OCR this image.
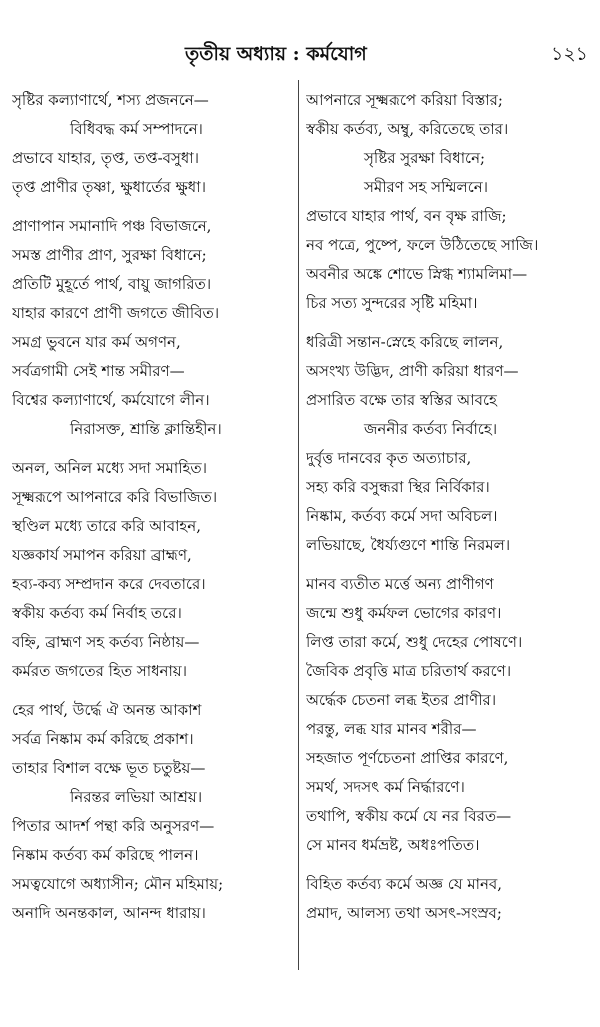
তৃতীয় অধ্যায় : কর্মযোগ	১২১
সৃষ্টির কল্যাণার্থে, শস্য প্রজননে—
বিধিবদ্ধ কর্ম সম্পাদনে।
প্রভাবে যাহার, তৃপ্ত, তপ্ত-বসুধা।
তৃপ্ত প্রাণীর তৃষ্ণা, ক্ষুধার্তের ক্ষুধা।
প্রাণাপান সমানাদি পঞ্চ বিভাজনে,
সমস্ত প্রাণীর প্রাণ, সুরক্ষা বিধানে;
প্রতিটি মুহূর্তে পার্থ, বায়ু জাগরিত।
যাহার কারণে প্রাণী জগতে জীবিত।
সমগ্র ভুবনে যার কর্ম অগণন,
সর্বত্রগামী সেই শান্ত সমীরণ—
বিশ্বের কল্যাণার্থে, কর্মযোগে লীন।
নিরাসক্ত, শ্রান্তি ক্লান্তিহীন।
অনল, অনিল মধ্যে সদা সমাহিত।
সূক্ষ্মরূপে আপনারে করি বিভাজিত।
স্থণ্ডিল মধ্যে তারে করি আবাহন,
যজ্ঞকার্য সমাপন করিয়া ব্রাহ্মণ,
হব্য-কব্য সম্প্রদান করে দেবতারে।
স্বকীয় কর্তব্য কর্ম নির্বাহ তরে।
বহ্নি, ব্রাহ্মণ সহ কর্তব্য নিষ্ঠায়—
কর্মরত জগতের হিত সাধনায়।
হের পার্থ, উর্দ্ধে ঐ অনন্ত আকাশ
সর্বত্র নিষ্কাম কর্ম করিছে প্রকাশ।
তাহার বিশাল বক্ষে ভূত চতুষ্টয়—
নিরন্তর লভিয়া আশ্রয়।
পিতার আদর্শ পন্থা করি অনুসরণ—
নিষ্কাম কর্তব্য কর্ম করিছে পালন।
সমত্বযোগে অধ্যাসীন; মৌন মহিমায়;
অনাদি অনন্তকাল, আনন্দ ধারায়।
আপনারে সূক্ষ্মরূপে করিয়া বিস্তার;
স্বকীয় কর্তব্য, অম্বু, করিতেছে তার।
সৃষ্টির সুরক্ষা বিধানে;
সমীরণ সহ সম্মিলনে।
প্রভাবে যাহার পার্থ, বন বৃক্ষ রাজি;
নব পত্রে, পুষ্পে, ফলে উঠিতেছে সাজি।
অবনীর অঙ্কে শোভে স্নিগ্ধ শ্যামলিমা—
চির সত্য সুন্দরের সৃষ্টি মহিমা।
ধরিত্রী সন্তান-স্নেহে করিছে লালন,
অসংখ্য উদ্ভিদ, প্রাণী করিয়া ধারণ—
প্রসারিত বক্ষে তার স্বস্তির আবহে
জননীর কর্তব্য নির্বাহে।
দুর্বৃত্ত দানবের কৃত অত্যাচার,
সহ্য করি বসুন্ধরা স্থির নির্বিকার।
নিষ্কাম, কর্তব্য কর্মে সদা অবিচল।
লভিয়াছে, ধৈর্য্যগুণে শান্তি নিরমল।
মানব ব্যতীত মর্ত্তে অন্য প্রাণীগণ
জন্মে শুধু কর্মফল ভোগের কারণ।
লিপ্ত তারা কর্মে, শুধু দেহের পোষণে।
জৈবিক প্রবৃত্তি মাত্র চরিতার্থ করণে।
অর্দ্ধেক চেতনা লব্ধ ইতর প্রাণীর।
পরন্তু, লব্ধ যার মানব শরীর—
সহজাত পূর্ণচেতনা প্রাপ্তির কারণে,
সমর্থ, সদসৎ কর্ম নির্দ্ধারণে।
তথাপি, স্বকীয় কর্মে যে নর বিরত—
সে মানব ধর্মভ্রষ্ট, অধঃপতিত।
বিহিত কর্তব্য কর্মে অজ্ঞ যে মানব,
প্রমাদ, আলস্য তথা অসৎ-সংস্রব;
